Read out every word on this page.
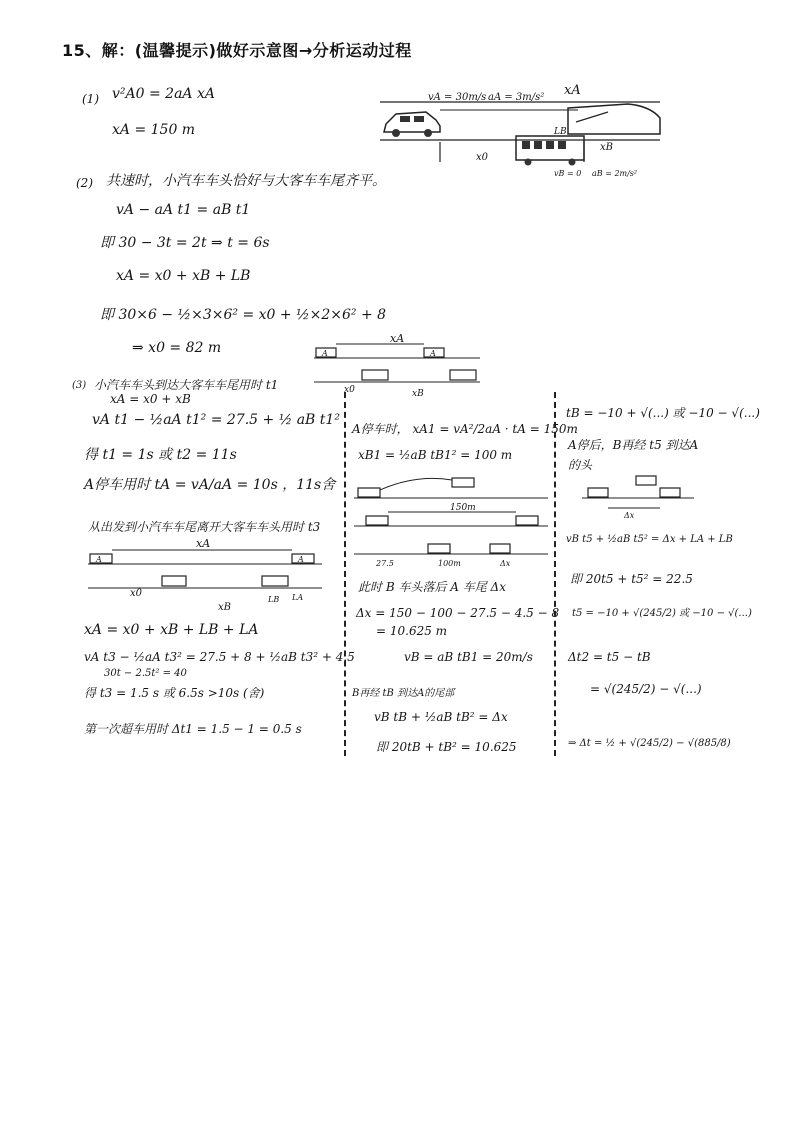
15、解：(温馨提示)做好示意图→分析运动过程
(1) v²A0 = 2aA xA
xA = 150 m
vA = 30m/s aA = 3m/s² xA
LB
x0
xB
vB = 0 aB = 2m/s²
(2) 共速时，小汽车车头恰好与大客车车尾齐平。
vA − aA t1 = aB t1
即 30 − 3t = 2t ⇒ t = 6s
xA = x0 + xB + LB
即 30×6 − ½×3×6² = x0 + ½×2×6² + 8
⇒ x0 = 82 m	A	A
xA
x0	xB
(3) 小汽车车头到达大客车车尾用时 t1
xA = x0 + xB
vA t1 − ½aA t1² = 27.5 + ½ aB t1²
得 t1 = 1s 或 t2 = 11s
A停车用时 tA = vA/aA = 10s ，11s舍
从出发到小汽车车尾离开大客车车头用时 t3
A	A
xA
x0
xB
LB LA
xA = x0 + xB + LB + LA
vA t3 − ½aA t3² = 27.5 + 8 + ½aB t3² + 4.5
30t − 2.5t² = 40
得 t3 = 1.5 s 或 6.5s >10s (舍)
第一次超车用时 Δt1 = 1.5 − 1 = 0.5 s
A停车时， xA1 = vA²/2aA · tA = 150m
xB1 = ½aB tB1² = 100 m
150m
27.5	100m	Δx
此时 B 车头落后 A 车尾 Δx
Δx = 150 − 100 − 27.5 − 4.5 − 8
= 10.625 m
vB = aB tB1 = 20m/s
B再经 tB 到达A的尾部
vB tB + ½aB tB² = Δx
即 20tB + tB² = 10.625
tB = −10 + √(...) 或 −10 − √(...)
A停后，B再经 t5 到达A
的头
Δx
vB t5 + ½aB t5² = Δx + LA + LB
即 20t5 + t5² = 22.5
t5 = −10 + √(245/2) 或 −10 − √(...)
Δt2 = t5 − tB
= √(245/2) − √(...)
⇒ Δt = ½ + √(245/2) − √(885/8)
